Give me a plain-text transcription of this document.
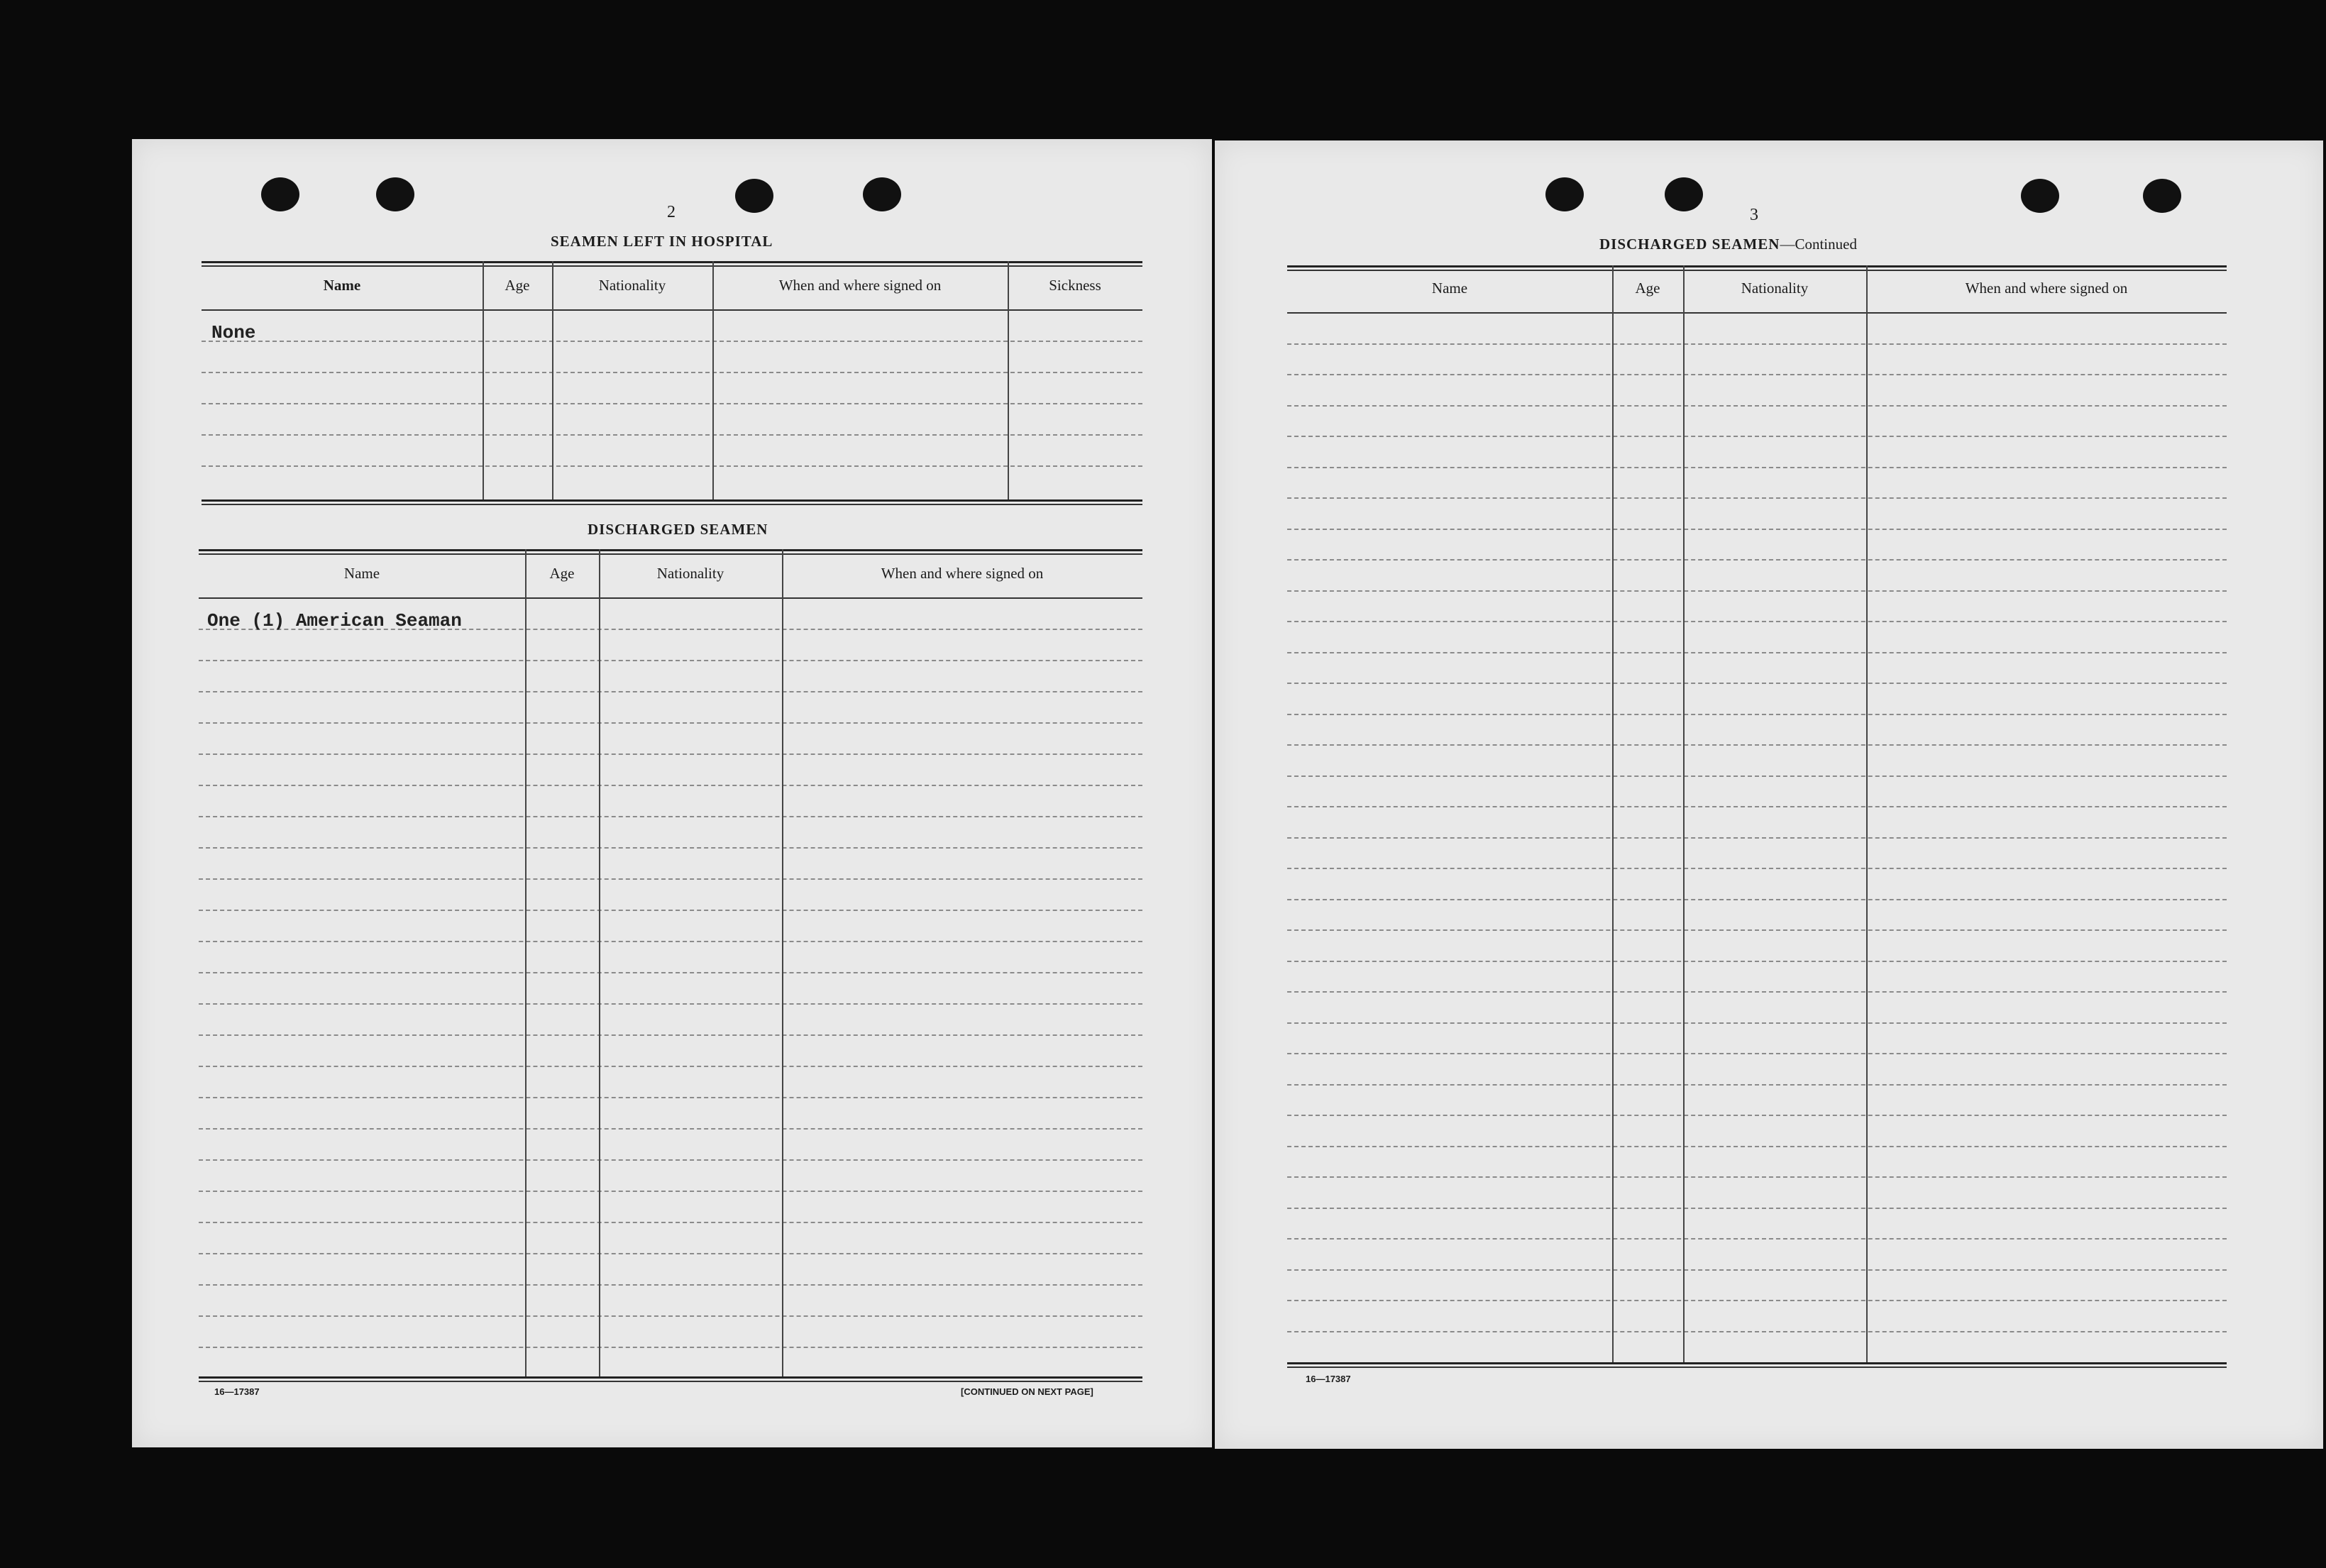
2
SEAMEN LEFT IN HOSPITAL
Name	Age	Nationality	When and where signed on	Sickness
None
DISCHARGED SEAMEN
Name	Age	Nationality	When and where signed on
One (1) American Seaman
16—17387	[CONTINUED ON NEXT PAGE]
3
DISCHARGED SEAMEN—Continued
Name	Age	Nationality	When and where signed on
16—17387
